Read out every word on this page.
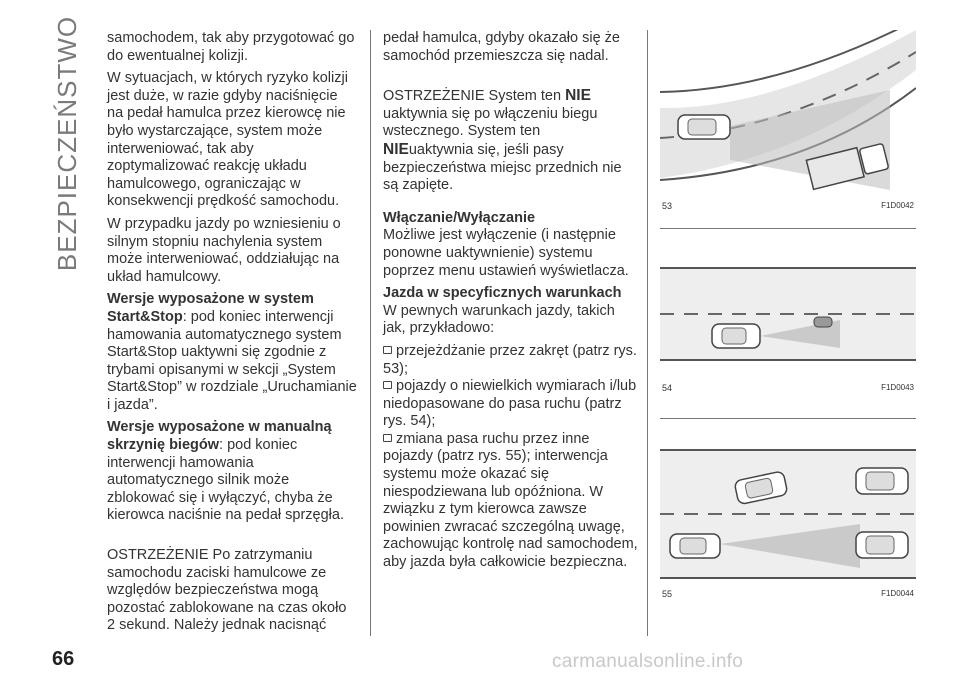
BEZPIECZEŃSTWO samochodem, tak aby przygotować go do ewentualnej kolizji.

W sytuacjach, w których ryzyko kolizji jest duże, w razie gdyby naciśnięcie na pedał hamulca przez kierowcę nie było wystarczające, system może interweniować, tak aby zoptymalizować reakcję układu hamulcowego, ograniczając w konsekwencji prędkość samochodu.

W przypadku jazdy po wzniesieniu o silnym stopniu nachylenia system może interweniować, oddziałując na układ hamulcowy.

Wersje wyposażone w system Start&Stop: pod koniec interwencji hamowania automatycznego system Start&Stop uaktywni się zgodnie z trybami opisanymi w sekcji „System Start&Stop” w rozdziale „Uruchamianie i jazda”.

Wersje wyposażone w manualną skrzynię biegów: pod koniec interwencji hamowania automatycznego silnik może zblokować się i wyłączyć, chyba że kierowca naciśnie na pedał sprzęgła.

OSTRZEŻENIE Po zatrzymaniu samochodu zaciski hamulcowe ze względów bezpieczeństwa mogą pozostać zablokowane na czas około 2 sekund. Należy jednak nacisnąć

pedał hamulca, gdyby okazało się że samochód przemieszcza się nadal.

OSTRZEŻENIE System ten NIE
uaktywnia się po włączeniu biegu wstecznego. System ten
NIEuaktywnia się, jeśli pasy bezpieczeństwa miejsc przednich nie są zapięte.

Włączanie/Wyłączanie

Możliwe jest wyłączenie (i następnie ponowne uaktywnienie) systemu poprzez menu ustawień wyświetlacza.

Jazda w specyficznych warunkach

W pewnych warunkach jazdy, takich jak, przykładowo:

przejeżdżanie przez zakręt (patrz rys. 53);

pojazdy o niewielkich wymiarach i/lub niedopasowane do pasa ruchu (patrz rys. 54);

zmiana pasa ruchu przez inne pojazdy (patrz rys. 55); interwencja systemu może okazać się niespodziewana lub opóźniona. W związku z tym kierowca zawsze powinien zwracać szczególną uwagę, zachowując kontrolę nad samochodem, aby jazda była całkowicie bezpieczna.

53	F1D0042
54	F1D0043
55	F1D0044
66	carmanualsonline.info
